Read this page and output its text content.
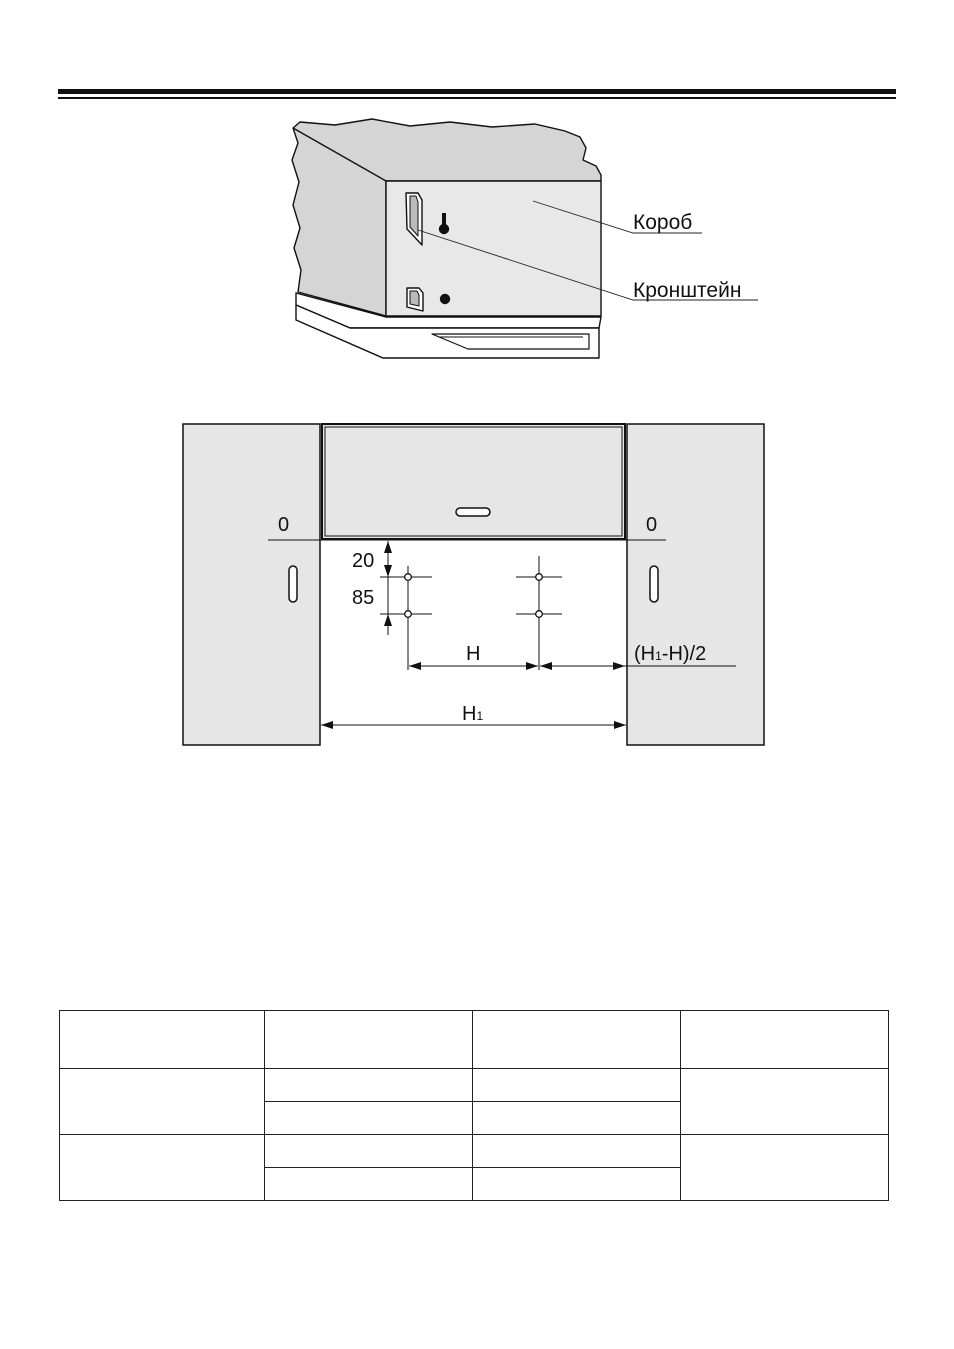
Короб
Кронштейн
0	0
20
85
H	(H1-H)/2
H1
